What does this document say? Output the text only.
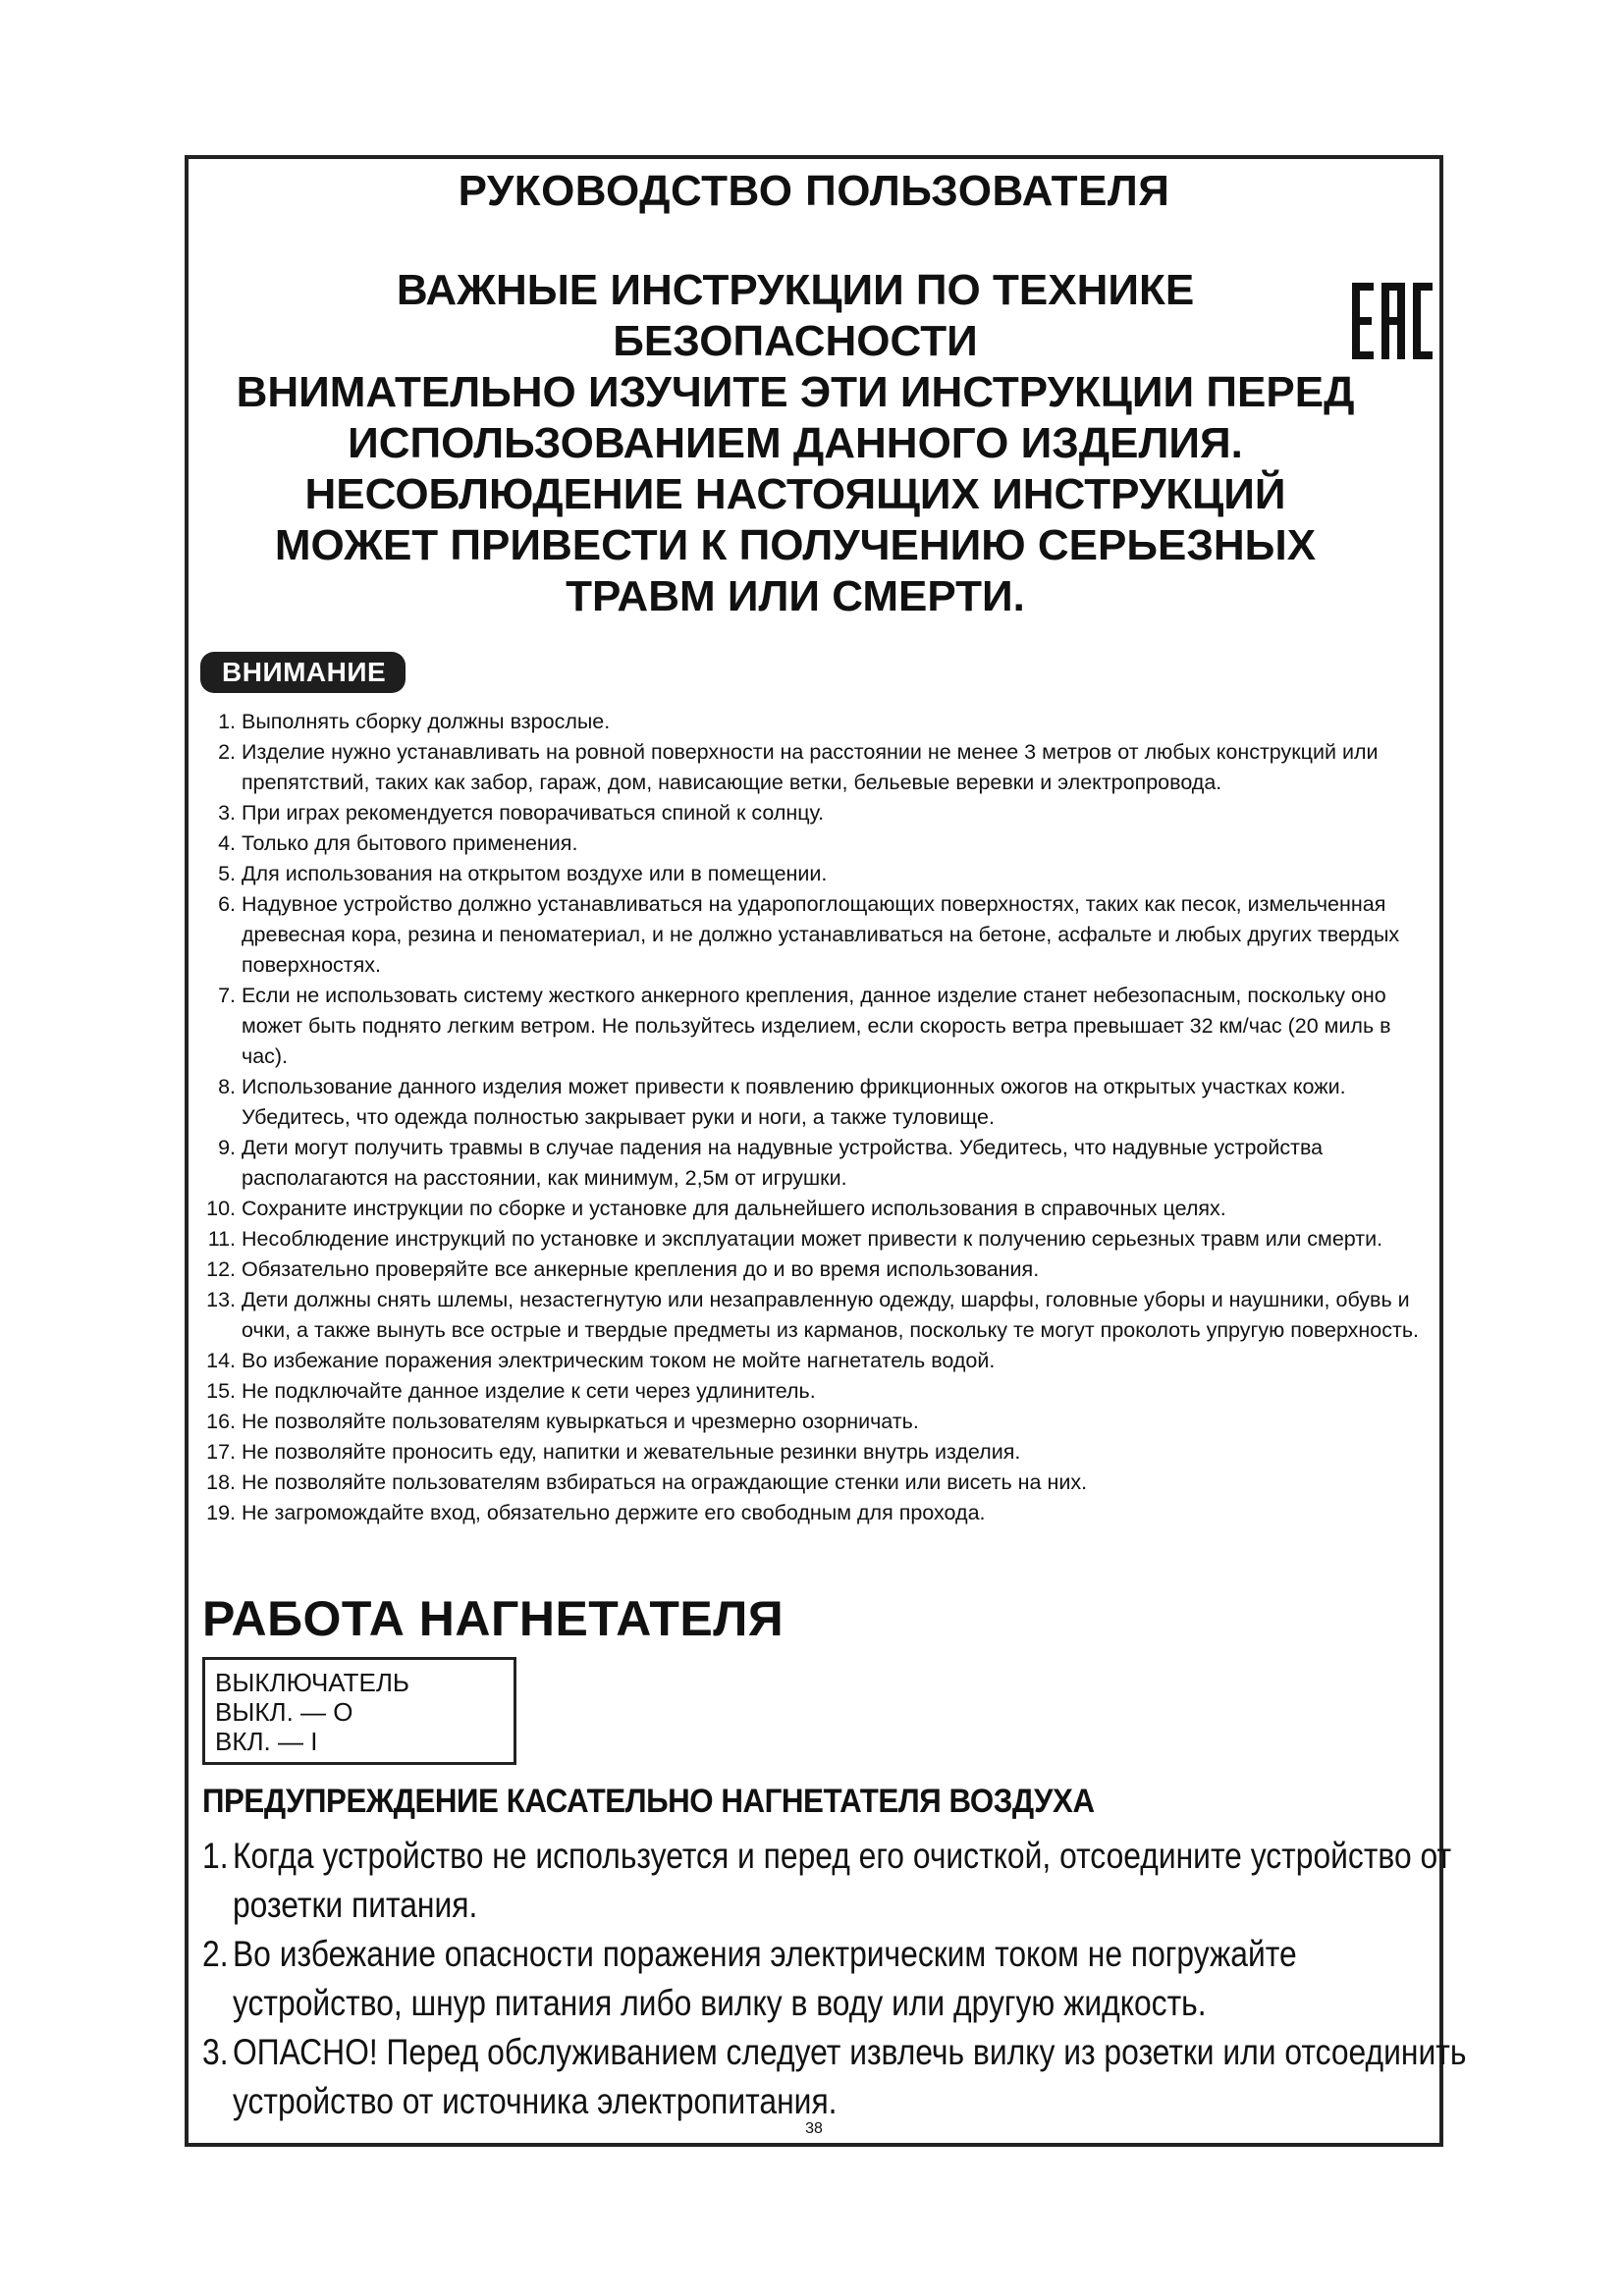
РУКОВОДСТВО ПОЛЬЗОВАТЕЛЯ
ВАЖНЫЕ ИНСТРУКЦИИ ПО ТЕХНИКЕ
БЕЗОПАСНОСТИ
ВНИМАТЕЛЬНО ИЗУЧИТЕ ЭТИ ИНСТРУКЦИИ ПЕРЕД
ИСПОЛЬЗОВАНИЕМ ДАННОГО ИЗДЕЛИЯ.
НЕСОБЛЮДЕНИЕ НАСТОЯЩИХ ИНСТРУКЦИЙ
МОЖЕТ ПРИВЕСТИ К ПОЛУЧЕНИЮ СЕРЬЕЗНЫХ
ТРАВМ ИЛИ СМЕРТИ.
ВНИМАНИЕ
1. Выполнять сборку должны взрослые.
2. Изделие нужно устанавливать на ровной поверхности на расстоянии не менее 3 метров от любых конструкций или препятствий, таких как забор, гараж, дом, нависающие ветки, бельевые веревки и электропровода.
3. При играх рекомендуется поворачиваться спиной к солнцу.
4. Только для бытового применения.
5. Для использования на открытом воздухе или в помещении.
6. Надувное устройство должно устанавливаться на ударопоглощающих поверхностях, таких как песок, измельченная древесная кора, резина и пеноматериал, и не должно устанавливаться на бетоне, асфальте и любых других твердых поверхностях.
7. Если не использовать систему жесткого анкерного крепления, данное изделие станет небезопасным, поскольку оно может быть поднято легким ветром. Не пользуйтесь изделием, если скорость ветра превышает 32 км/час (20 миль в час).
8. Использование данного изделия может привести к появлению фрикционных ожогов на открытых участках кожи. Убедитесь, что одежда полностью закрывает руки и ноги, а также туловище.
9. Дети могут получить травмы в случае падения на надувные устройства. Убедитесь, что надувные устройства располагаются на расстоянии, как минимум, 2,5м от игрушки.
10. Сохраните инструкции по сборке и установке для дальнейшего использования в справочных целях.
11. Несоблюдение инструкций по установке и эксплуатации может привести к получению серьезных травм или смерти.
12. Обязательно проверяйте все анкерные крепления до и во время использования.
13. Дети должны снять шлемы, незастегнутую или незаправленную одежду, шарфы, головные уборы и наушники, обувь и очки, а также вынуть все острые и твердые предметы из карманов, поскольку те могут проколоть упругую поверхность.
14. Во избежание поражения электрическим током не мойте нагнетатель водой.
15. Не подключайте данное изделие к сети через удлинитель.
16. Не позволяйте пользователям кувыркаться и чрезмерно озорничать.
17. Не позволяйте проносить еду, напитки и жевательные резинки внутрь изделия.
18. Не позволяйте пользователям взбираться на ограждающие стенки или висеть на них.
19. Не загромождайте вход, обязательно держите его свободным для прохода.
РАБОТА НАГНЕТАТЕЛЯ
ВЫКЛЮЧАТЕЛЬ
ВЫКЛ. — O
ВКЛ. — I
ПРЕДУПРЕЖДЕНИЕ КАСАТЕЛЬНО НАГНЕТАТЕЛЯ ВОЗДУХА
1. Когда устройство не используется и перед его очисткой, отсоедините устройство от розетки питания.
2. Во избежание опасности поражения электрическим током не погружайте устройство, шнур питания либо вилку в воду или другую жидкость.
3. ОПАСНО! Перед обслуживанием следует извлечь вилку из розетки или отсоединить устройство от источника электропитания.
38
